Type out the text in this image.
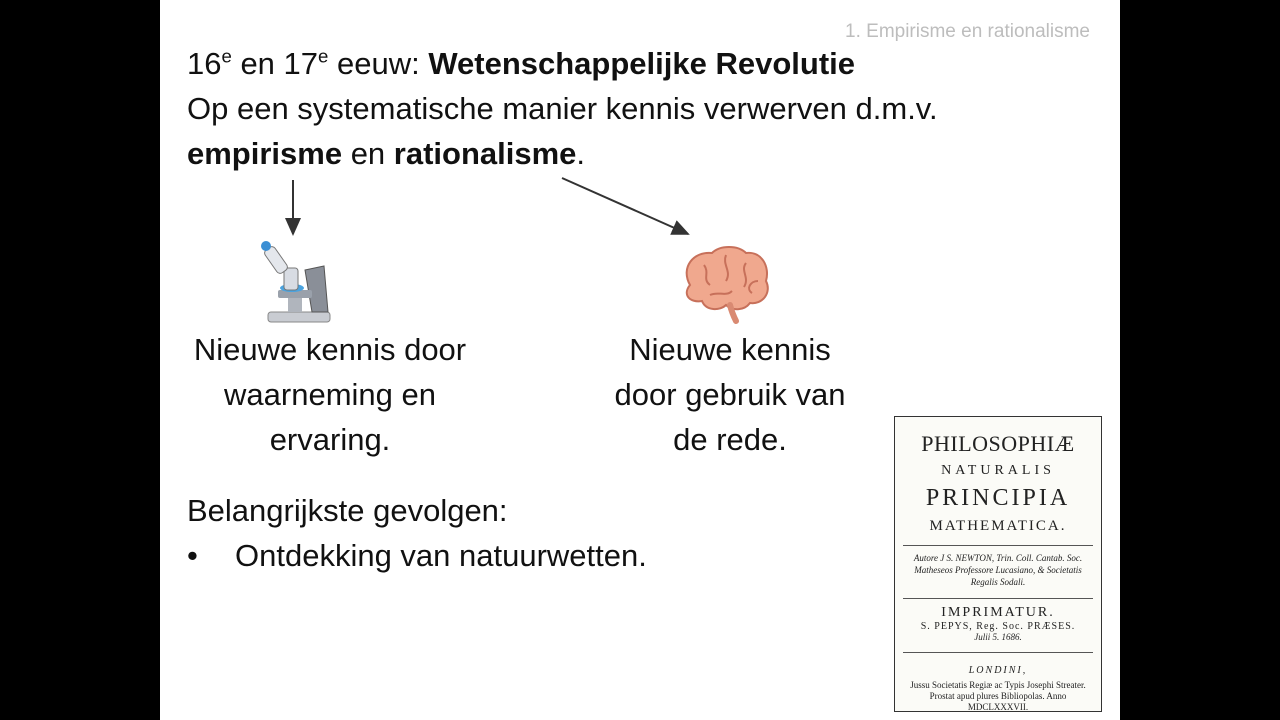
1. Empirisme en rationalisme
16e en 17e eeuw: Wetenschappelijke Revolutie
Op een systematische manier kennis verwerven d.m.v.
empirisme en rationalisme.
Nieuwe kennis door
waarneming en
ervaring.
Nieuwe kennis
door gebruik van
de rede.
Belangrijkste gevolgen:
• Ontdekking van natuurwetten.
PHILOSOPHIÆ
NATURALIS
PRINCIPIA
MATHEMATICA.
Autore J S. NEWTON, Trin. Coll. Cantab. Soc. Matheseos Professore Lucasiano, & Societatis Regalis Sodali.
IMPRIMATUR.
S. PEPYS, Reg. Soc. PRÆSES.
Julii 5. 1686.
LONDINI,
Jussu Societatis Regiæ ac Typis Josephi Streater. Prostat apud plures Bibliopolas. Anno MDCLXXXVII.
